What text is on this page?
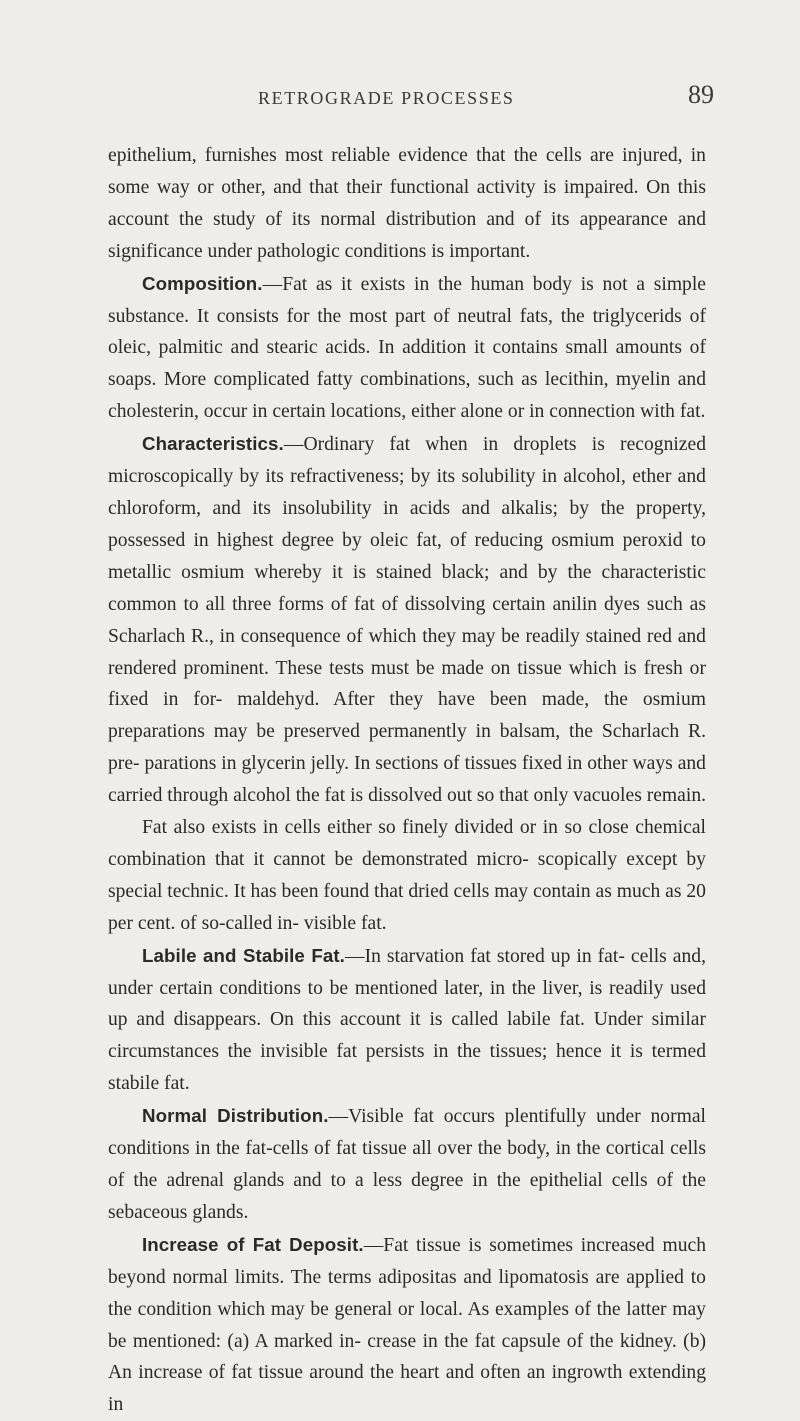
RETROGRADE PROCESSES	89

epithelium, furnishes most reliable evidence that the cells are injured, in some way or other, and that their functional activity is impaired. On this account the study of its normal distribution and of its appearance and significance under pathologic conditions is important.

Composition.—Fat as it exists in the human body is not a simple substance. It consists for the most part of neutral fats, the triglycerids of oleic, palmitic and stearic acids. In addition it contains small amounts of soaps. More complicated fatty combinations, such as lecithin, myelin and cholesterin, occur in certain locations, either alone or in connection with fat.

Characteristics.—Ordinary fat when in droplets is recognized microscopically by its refractiveness; by its solubility in alcohol, ether and chloroform, and its insolubility in acids and alkalis; by the property, possessed in highest degree by oleic fat, of reducing osmium peroxid to metallic osmium whereby it is stained black; and by the characteristic common to all three forms of fat of dissolving certain anilin dyes such as Scharlach R., in consequence of which they may be readily stained red and rendered prominent. These tests must be made on tissue which is fresh or fixed in for- maldehyd. After they have been made, the osmium preparations may be preserved permanently in balsam, the Scharlach R. pre- parations in glycerin jelly. In sections of tissues fixed in other ways and carried through alcohol the fat is dissolved out so that only vacuoles remain.

Fat also exists in cells either so finely divided or in so close chemical combination that it cannot be demonstrated micro- scopically except by special technic. It has been found that dried cells may contain as much as 20 per cent. of so-called in- visible fat.

Labile and Stabile Fat.—In starvation fat stored up in fat- cells and, under certain conditions to be mentioned later, in the liver, is readily used up and disappears. On this account it is called labile fat. Under similar circumstances the invisible fat persists in the tissues; hence it is termed stabile fat.

Normal Distribution.—Visible fat occurs plentifully under normal conditions in the fat-cells of fat tissue all over the body, in the cortical cells of the adrenal glands and to a less degree in the epithelial cells of the sebaceous glands.

Increase of Fat Deposit.—Fat tissue is sometimes increased much beyond normal limits. The terms adipositas and lipomatosis are applied to the condition which may be general or local. As examples of the latter may be mentioned: (a) A marked in- crease in the fat capsule of the kidney. (b) An increase of fat tissue around the heart and often an ingrowth extending in
